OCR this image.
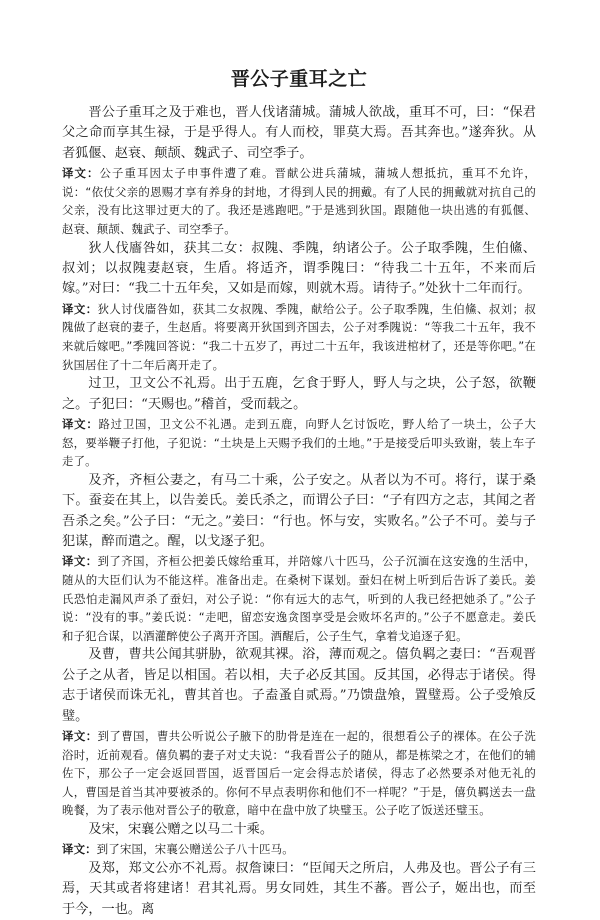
晋公子重耳之亡

晋公子重耳之及于难也，晋人伐诸蒲城。蒲城人欲战，重耳不可，曰：“保君父之命而享其生禄，于是乎得人。有人而校，罪莫大焉。吾其奔也。”遂奔狄。从者狐偃、赵衰、颠颉、魏武子、司空季子。

译文：公子重耳因太子申事件遭了难。晋献公进兵蒲城，蒲城人想抵抗，重耳不允许，说：“依仗父亲的恩赐才享有养身的封地，才得到人民的拥戴。有了人民的拥戴就对抗自己的父亲，没有比这罪过更大的了。我还是逃跑吧。”于是逃到狄国。跟随他一块出逃的有狐偃、赵衰、颠颉、魏武子、司空季子。

狄人伐廧咎如，获其二女：叔隗、季隗，纳诸公子。公子取季隗，生伯鯈、叔刘；以叔隗妻赵衰，生盾。将适齐，谓季隗曰：“待我二十五年，不来而后嫁。”对曰：“我二十五年矣，又如是而嫁，则就木焉。请待子。”处狄十二年而行。

译文：狄人讨伐廧咎如，获其二女叔隗、季隗，献给公子。公子取季隗，生伯鯈、叔刘；叔隗做了赵衰的妻子，生赵盾。将要离开狄国到齐国去，公子对季隗说：“等我二十五年，我不来就后嫁吧。”季隗回答说：“我二十五岁了，再过二十五年，我该进棺材了，还是等你吧。”在狄国居住了十二年后离开走了。

过卫，卫文公不礼焉。出于五鹿，乞食于野人，野人与之块，公子怒，欲鞭之。子犯曰：“天赐也。”稽首，受而载之。

译文：路过卫国，卫文公不礼遇。走到五鹿，向野人乞讨饭吃，野人给了一块土，公子大怒，要举鞭子打他，子犯说：“土块是上天赐予我们的土地。”于是接受后叩头致谢，装上车子走了。

及齐，齐桓公妻之，有马二十乘，公子安之。从者以为不可。将行，谋于桑下。蚕妾在其上，以告姜氏。姜氏杀之，而谓公子曰：“子有四方之志，其闻之者吾杀之矣。”公子曰：“无之。”姜曰：“行也。怀与安，实败名。”公子不可。姜与子犯谋，醉而遣之。醒，以戈逐子犯。

译文：到了齐国，齐桓公把姜氏嫁给重耳，并陪嫁八十匹马，公子沉湎在这安逸的生活中，随从的大臣们认为不能这样。准备出走。在桑树下谋划。蚕妇在树上听到后告诉了姜氏。姜氏恐怕走漏风声杀了蚕妇，对公子说：“你有远大的志气，听到的人我已经把她杀了。”公子说：“没有的事。”姜氏说：“走吧，留恋安逸贪图享受是会败坏名声的。”公子不愿意走。姜氏和子犯合谋，以酒灌醉使公子离开齐国。酒醒后，公子生气，拿着戈追逐子犯。

及曹，曹共公闻其骈胁，欲观其裸。浴，薄而观之。僖负羁之妻曰：“吾观晋公子之从者，皆足以相国。若以相，夫子必反其国。反其国，必得志于诸侯。得志于诸侯而诛无礼，曹其首也。子盍蚤自贰焉。”乃馈盘飧，置璧焉。公子受飧反璧。

译文：到了曹国，曹共公听说公子腋下的肋骨是连在一起的，很想看公子的裸体。在公子洗浴时，近前观看。僖负羁的妻子对丈夫说：“我看晋公子的随从，都是栋梁之才，在他们的辅佐下，那公子一定会返回晋国，返晋国后一定会得志於诸侯，得志了必然要杀对他无礼的人，曹国是首当其冲要被杀的。你何不早点表明你和他们不一样呢？”于是，僖负羁送去一盘晚餐，为了表示他对晋公子的敬意，暗中在盘中放了块璧玉。公子吃了饭送还璧玉。

及宋，宋襄公赠之以马二十乘。

译文：到了宋国，宋襄公赠送公子八十匹马。

及郑，郑文公亦不礼焉。叔詹谏曰：“臣闻天之所启，人弗及也。晋公子有三焉，天其或者将建诸！君其礼焉。男女同姓，其生不蕃。晋公子，姬出也，而至于今，一也。离
